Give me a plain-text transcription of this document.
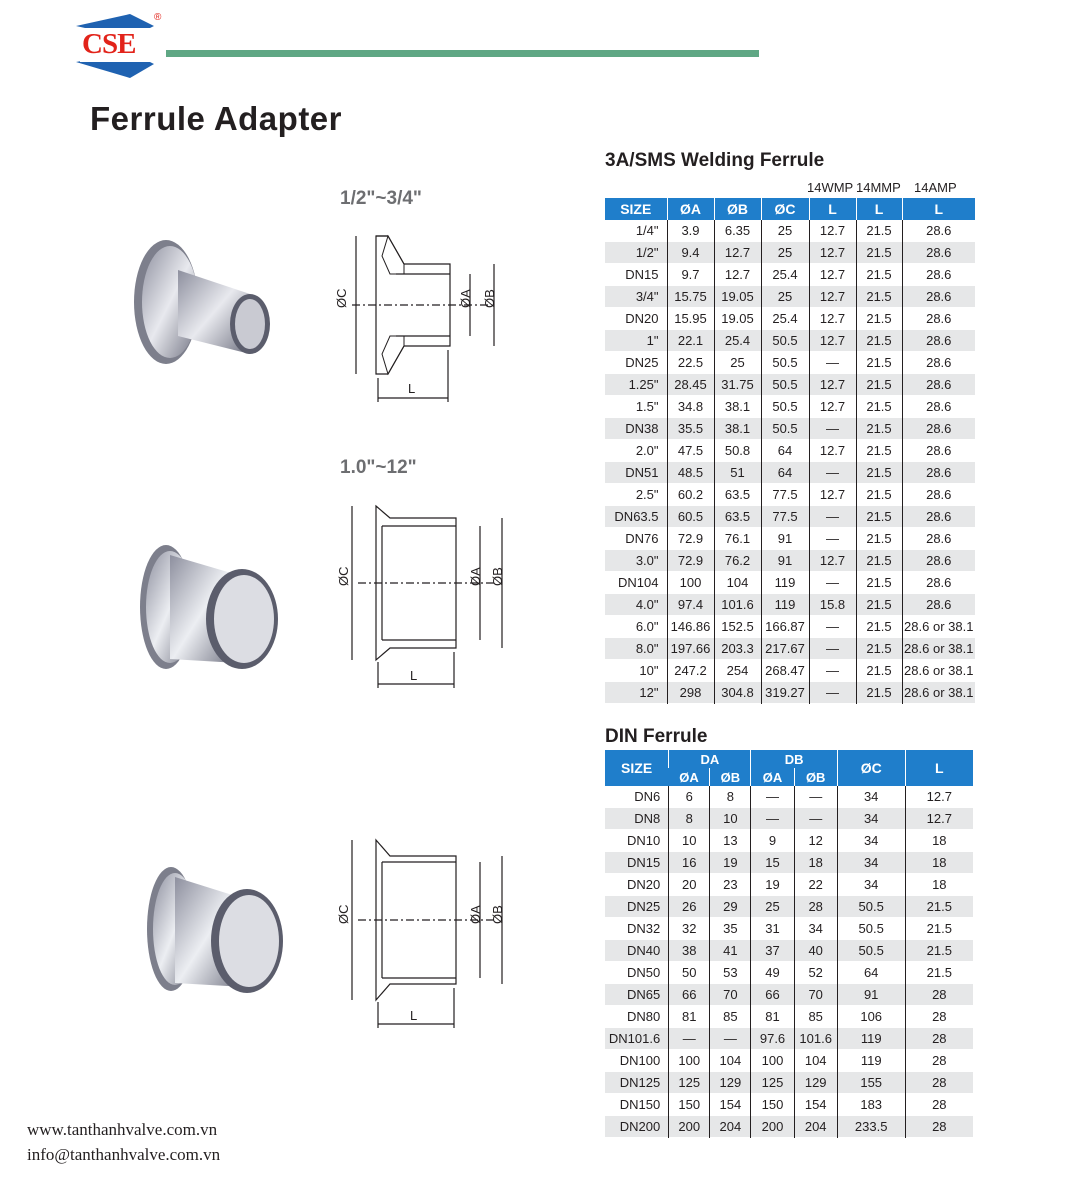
CSE
®
Ferrule Adapter
1/2"~3/4"
ØC	ØA ØB
L
1.0"~12"
ØC	ØA ØB
L
ØC	ØA ØB
L
3A/SMS Welding Ferrule
14WMP 14MMP 14AMP
SIZE	ØA	ØB	ØC	L	L	L
1/4"	3.9	6.35	25	12.7	21.5	28.6
1/2"	9.4	12.7	25	12.7	21.5	28.6
DN15	9.7	12.7	25.4	12.7	21.5	28.6
3/4"	15.75	19.05	25	12.7	21.5	28.6
DN20	15.95	19.05	25.4	12.7	21.5	28.6
1"	22.1	25.4	50.5	12.7	21.5	28.6
DN25	22.5	25	50.5	—	21.5	28.6
1.25"	28.45	31.75	50.5	12.7	21.5	28.6
1.5"	34.8	38.1	50.5	12.7	21.5	28.6
DN38	35.5	38.1	50.5	—	21.5	28.6
2.0"	47.5	50.8	64	12.7	21.5	28.6
DN51	48.5	51	64	—	21.5	28.6
2.5"	60.2	63.5	77.5	12.7	21.5	28.6
DN63.5	60.5	63.5	77.5	—	21.5	28.6
DN76	72.9	76.1	91	—	21.5	28.6
3.0"	72.9	76.2	91	12.7	21.5	28.6
DN104	100	104	119	—	21.5	28.6
4.0"	97.4	101.6	119	15.8	21.5	28.6
6.0"	146.86	152.5	166.87	—	21.5	28.6 or 38.1
8.0"	197.66	203.3	217.67	—	21.5	28.6 or 38.1
10"	247.2	254	268.47	—	21.5	28.6 or 38.1
12"	298	304.8	319.27	—	21.5	28.6 or 38.1
DIN Ferrule
SIZE	DA		DB		ØC	L
	ØA	ØB	ØA	ØB		
DN6	6	8	—	—	34	12.7
DN8	8	10	—	—	34	12.7
DN10	10	13	9	12	34	18
DN15	16	19	15	18	34	18
DN20	20	23	19	22	34	18
DN25	26	29	25	28	50.5	21.5
DN32	32	35	31	34	50.5	21.5
DN40	38	41	37	40	50.5	21.5
DN50	50	53	49	52	64	21.5
DN65	66	70	66	70	91	28
DN80	81	85	81	85	106	28
DN101.6	—	—	97.6	101.6	119	28
DN100	100	104	100	104	119	28
DN125	125	129	125	129	155	28
DN150	150	154	150	154	183	28
DN200	200	204	200	204	233.5	28
www.tanthanhvalve.com.vn
info@tanthanhvalve.com.vn
